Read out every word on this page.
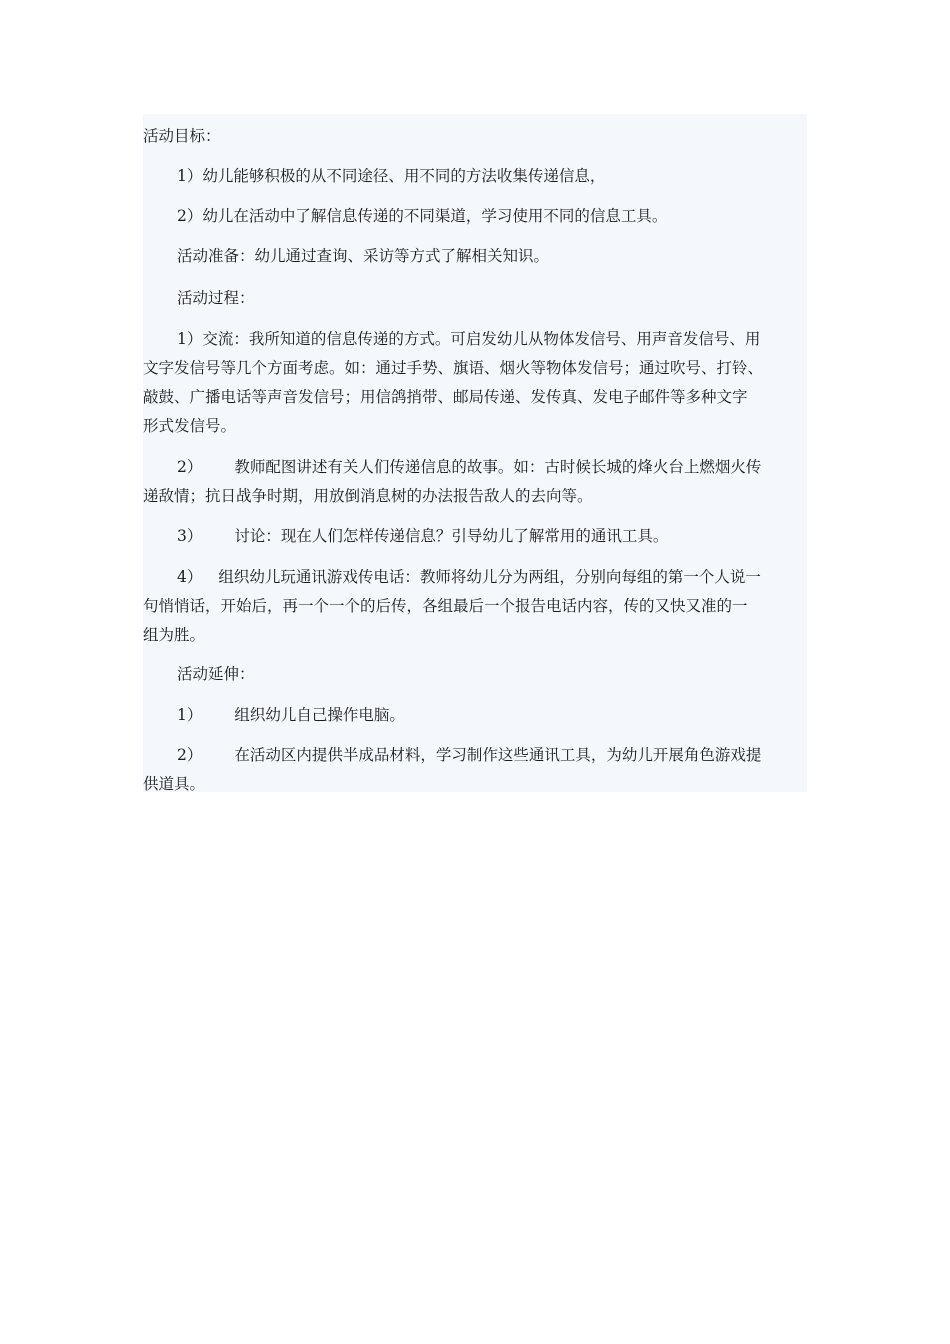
活动目标：

1）幼儿能够积极的从不同途径、用不同的方法收集传递信息，

2）幼儿在活动中了解信息传递的不同渠道，学习使用不同的信息工具。

活动准备：幼儿通过查询、采访等方式了解相关知识。

活动过程：

1）交流：我所知道的信息传递的方式。可启发幼儿从物体发信号、用声音发信号、用
文字发信号等几个方面考虑。如：通过手势、旗语、烟火等物体发信号；通过吹号、打铃、
敲鼓、广播电话等声音发信号；用信鸽捎带、邮局传递、发传真、发电子邮件等多种文字
形式发信号。
2） 教师配图讲述有关人们传递信息的故事。如：古时候长城的烽火台上燃烟火传
递敌情；抗日战争时期，用放倒消息树的办法报告敌人的去向等。
3） 讨论：现在人们怎样传递信息？引导幼儿了解常用的通讯工具。
4） 组织幼儿玩通讯游戏传电话：教师将幼儿分为两组，分别向每组的第一个人说一
句悄悄话，开始后，再一个一个的后传，各组最后一个报告电话内容，传的又快又准的一
组为胜。

活动延伸：

1） 组织幼儿自己操作电脑。
2） 在活动区内提供半成品材料，学习制作这些通讯工具，为幼儿开展角色游戏提
供道具。
